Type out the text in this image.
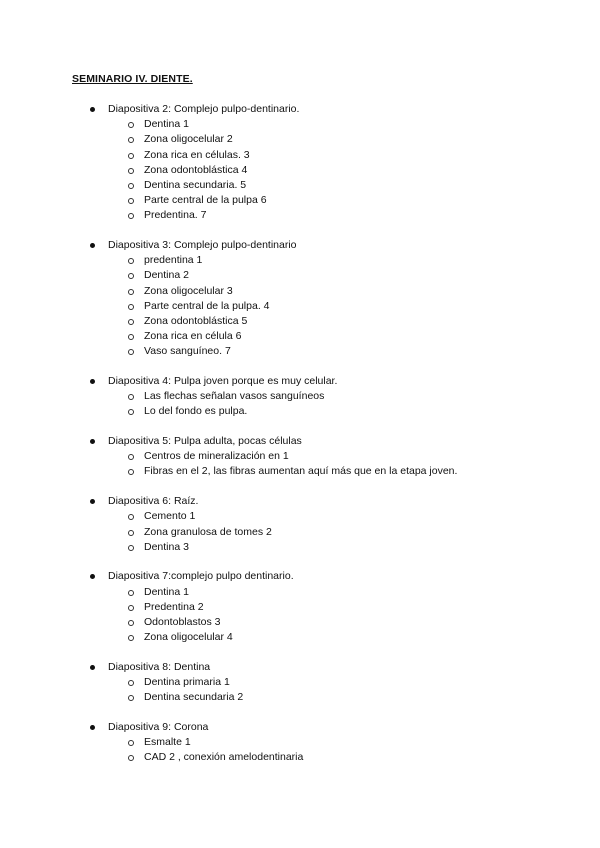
SEMINARIO IV. DIENTE.
Diapositiva 2: Complejo pulpo-dentinario.
Dentina 1
Zona oligocelular 2
Zona rica en células. 3
Zona odontoblástica 4
Dentina secundaria. 5
Parte central de la pulpa 6
Predentina. 7
Diapositiva 3: Complejo pulpo-dentinario
predentina 1
Dentina 2
Zona oligocelular 3
Parte central de la pulpa. 4
Zona odontoblástica 5
Zona rica en célula 6
Vaso sanguíneo. 7
Diapositiva 4: Pulpa joven porque es muy celular.
Las flechas señalan vasos sanguíneos
Lo del fondo es pulpa.
Diapositiva 5: Pulpa adulta, pocas células
Centros de mineralización en 1
Fibras en el 2, las fibras aumentan aquí más que en la etapa joven.
Diapositiva 6: Raíz.
Cemento 1
Zona granulosa de tomes 2
Dentina 3
Diapositiva 7:complejo pulpo dentinario.
Dentina 1
Predentina 2
Odontoblastos 3
Zona oligocelular 4
Diapositiva 8: Dentina
Dentina primaria 1
Dentina secundaria 2
Diapositiva 9: Corona
Esmalte 1
CAD 2 , conexión amelodentinaria
